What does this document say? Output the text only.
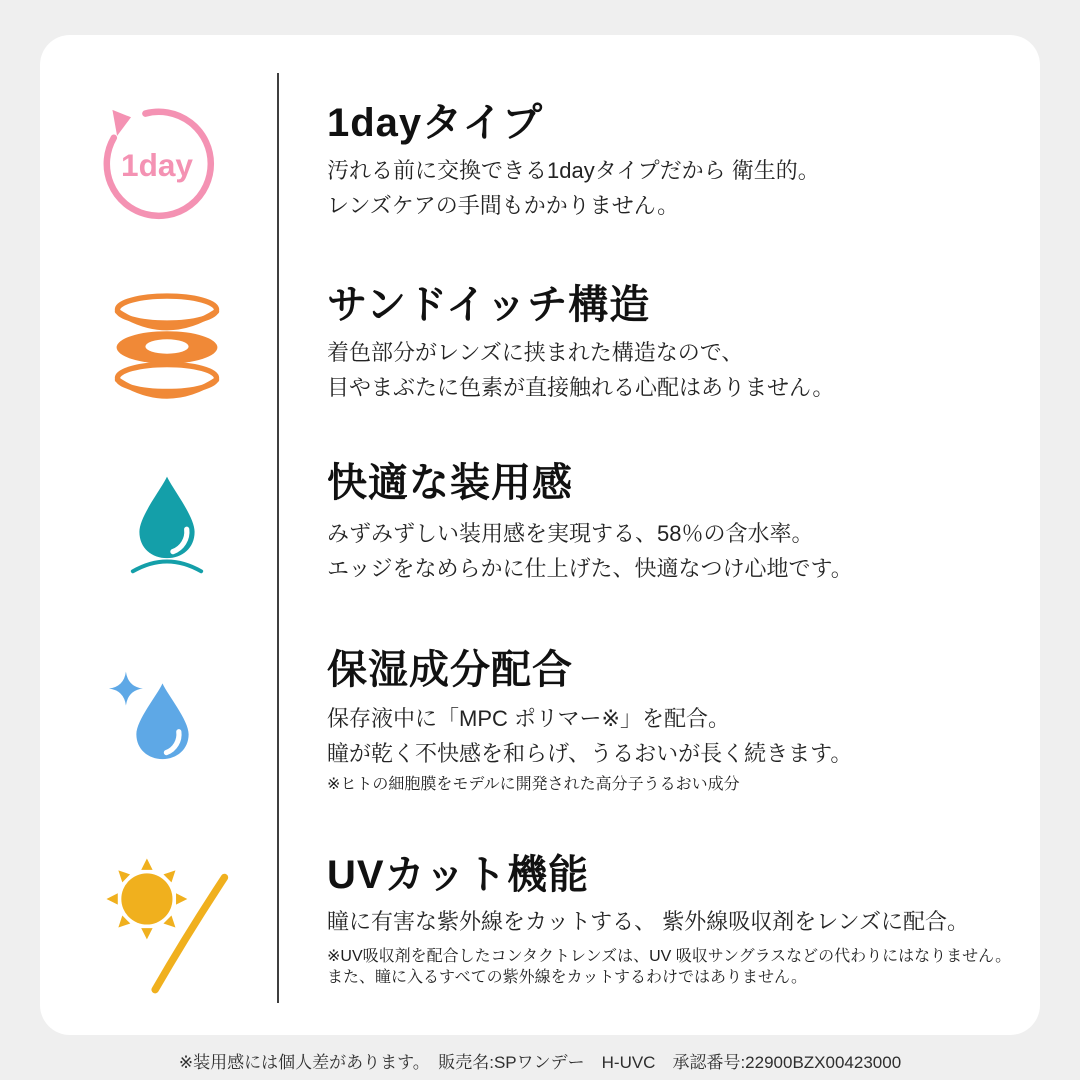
1day
1dayタイプ
汚れる前に交換できる1dayタイプだから 衛生的。
レンズケアの手間もかかりません。
サンドイッチ構造
着色部分がレンズに挟まれた構造なので、
目やまぶたに色素が直接触れる心配はありません。
快適な装用感
みずみずしい装用感を実現する、58％の含水率。
エッジをなめらかに仕上げた、快適なつけ心地です。
保湿成分配合
保存液中に「MPC ポリマー※」を配合。
瞳が乾く不快感を和らげ、うるおいが長く続きます。
※ヒトの細胞膜をモデルに開発された高分子うるおい成分
UVカット機能
瞳に有害な紫外線をカットする、 紫外線吸収剤をレンズに配合。
※UV吸収剤を配合したコンタクトレンズは、UV 吸収サングラスなどの代わりにはなりません。
また、瞳に入るすべての紫外線をカットするわけではありません。
※装用感には個人差があります。　販売名:SPワンデー　H-UVC　承認番号:22900BZX00423000
